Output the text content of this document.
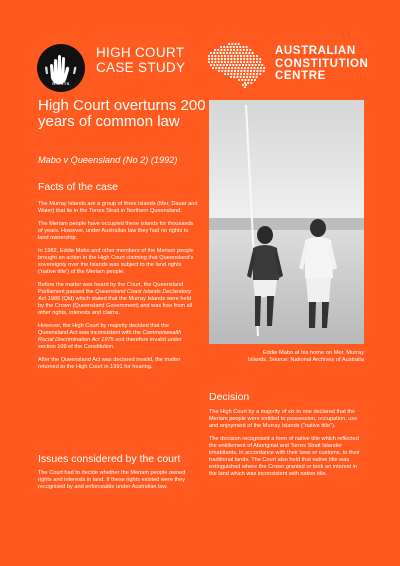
RIGHTS
HIGH COURT
CASE STUDY
AUSTRALIAN
CONSTITUTION
CENTRE
High Court overturns 200 years of common law
Mabo v Queensland (No 2) (1992)
Facts of the case

The Murray Islands are a group of three islands (Mer, Dauar and Waier) that lie in the Torres Strait in Northern Queensland.

The Meriam people have occupied these islands for thousands of years. However, under Australian law they had no rights to land ownership.

In 1982, Eddie Mabo and other members of the Meriam people brought an action in the High Court claiming that Queensland's sovereignty over the Islands was subject to the land rights ('native title') of the Meriam people.

Before the matter was heard by the Court, the Queensland Parliament passed the Queensland Coast Islands Declaratory Act 1985 (Qld) which stated that the Murray Islands were held by the Crown (Queensland Government) and was free from all other rights, interests and claims.

However, the High Court by majority decided that the Queensland Act was inconsistent with the Commonwealth Racial Discrimination Act 1975 and therefore invalid under section 109 of the Constitution.

After the Queensland Act was declared invalid, the matter returned to the High Court in 1991 for hearing.

Issues considered by the court

The Court had to decide whether the Meriam people owned rights and interests in land. If these rights existed were they recognised by and enforceable under Australian law.

Eddie Mabo at his home on Mer, Murray Islands. Source: National Archives of Australia
Decision

The High Court by a majority of six to one declared that the Meriam people were entitled to possession, occupation, use and enjoyment of the Murray Islands ("native title").

The decision recognised a form of native title which reflected the entitlement of Aboriginal and Torres Strait Islander inhabitants, in accordance with their laws or customs, to their traditional lands. The Court also held that native title was extinguished where the Crown granted or took an interest in the land which was inconsistent with native title.
